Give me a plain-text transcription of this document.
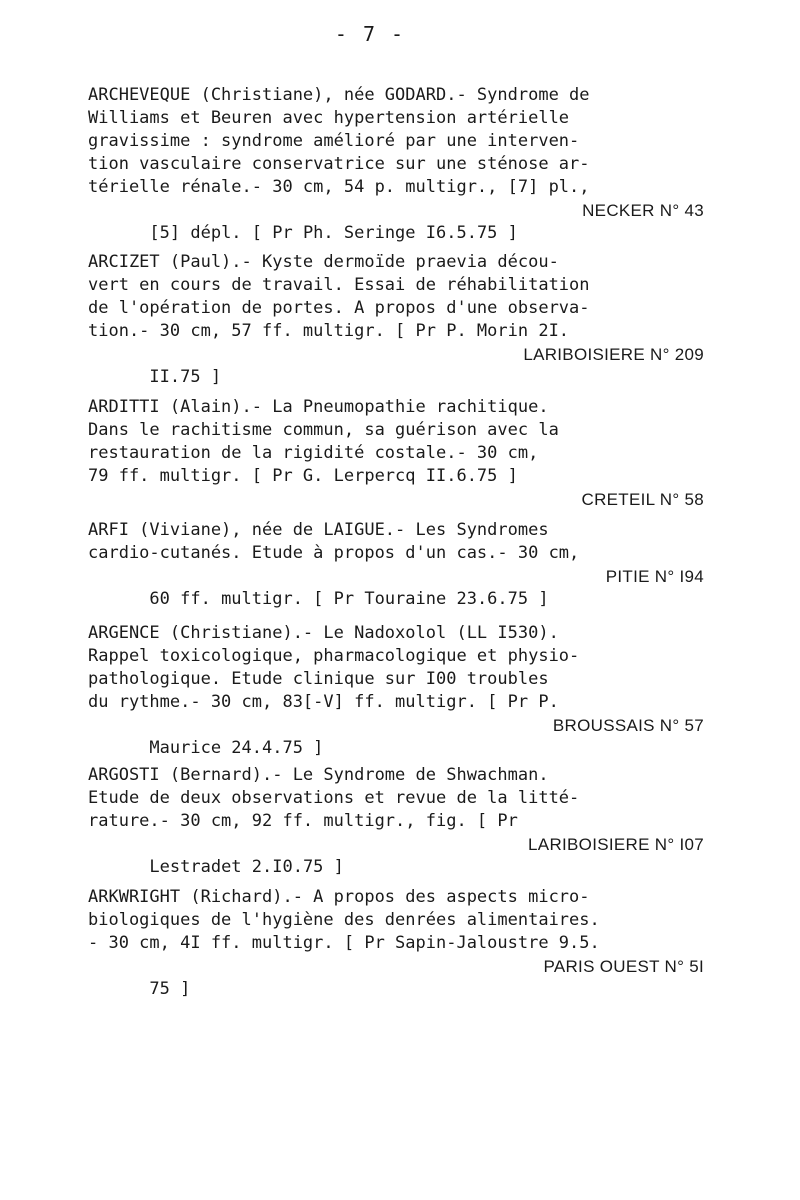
- 7 -
ARCHEVEQUE (Christiane), née GODARD.- Syndrome de
Williams et Beuren avec hypertension artérielle
gravissime : syndrome amélioré par une interven-
tion vasculaire conservatrice sur une sténose ar-
térielle rénale.- 30 cm, 54 p. multigr., [7] pl.,

[5] dépl. [ Pr Ph. Seringe I6.5.75 ]

NECKER N° 43

ARCIZET (Paul).- Kyste dermoïde praevia décou-
vert en cours de travail. Essai de réhabilitation
de l'opération de portes. A propos d'une observa-
tion.- 30 cm, 57 ff. multigr. [ Pr P. Morin 2I.

II.75 ]

LARIBOISIERE N° 209

ARDITTI (Alain).- La Pneumopathie rachitique.
Dans le rachitisme commun, sa guérison avec la
restauration de la rigidité costale.- 30 cm,
79 ff. multigr. [ Pr G. Lerpercq II.6.75 ]

CRETEIL N° 58

ARFI (Viviane), née de LAIGUE.- Les Syndromes
cardio-cutanés. Etude à propos d'un cas.- 30 cm,

60 ff. multigr. [ Pr Touraine 23.6.75 ]

PITIE N° I94

ARGENCE (Christiane).- Le Nadoxolol (LL I530).
Rappel toxicologique, pharmacologique et physio-
pathologique. Etude clinique sur I00 troubles
du rythme.- 30 cm, 83[-V] ff. multigr. [ Pr P.

Maurice 24.4.75 ]

BROUSSAIS N° 57

ARGOSTI (Bernard).- Le Syndrome de Shwachman.
Etude de deux observations et revue de la litté-
rature.- 30 cm, 92 ff. multigr., fig. [ Pr

Lestradet 2.I0.75 ]

LARIBOISIERE N° I07

ARKWRIGHT (Richard).- A propos des aspects micro-
biologiques de l'hygiène des denrées alimentaires.
- 30 cm, 4I ff. multigr. [ Pr Sapin-Jaloustre 9.5.

75 ]

PARIS OUEST N° 5I
